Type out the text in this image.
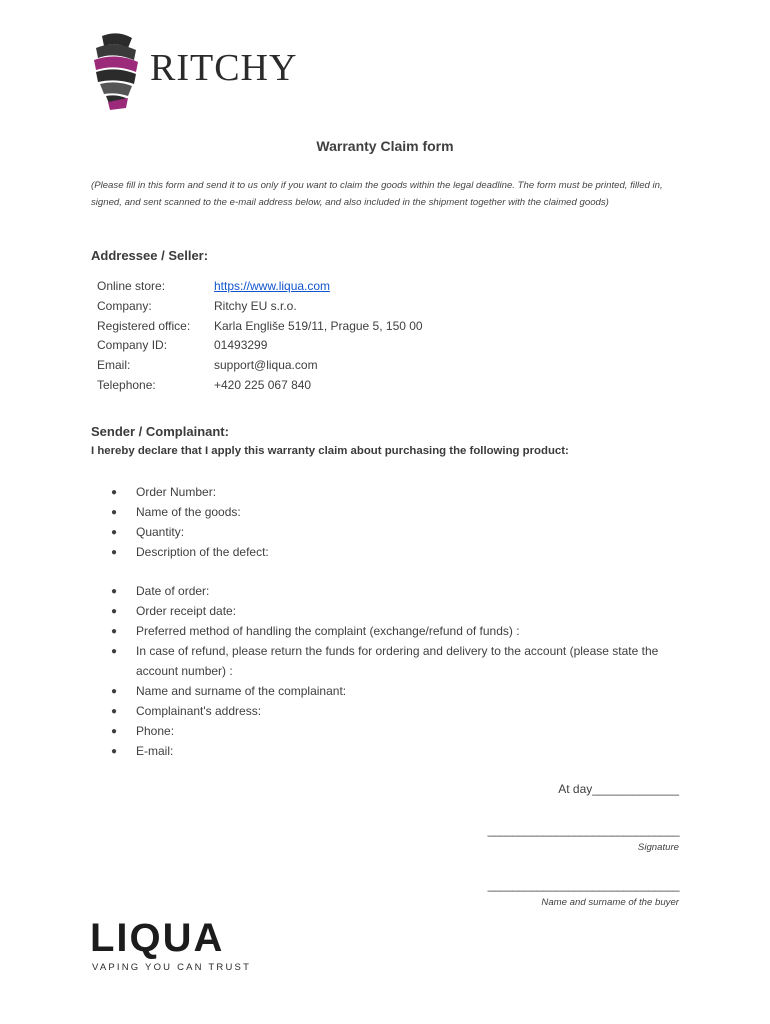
RITCHY
Warranty Claim form
(Please fill in this form and send it to us only if you want to claim the goods within the legal deadline. The form must be printed, filled in, signed, and sent scanned to the e-mail address below, and also included in the shipment together with the claimed goods)
Addressee / Seller:
Online store:	https://www.liqua.com
Company:	Ritchy EU s.r.o.
Registered office:	Karla Engliše 519/11, Prague 5, 150 00
Company ID:	01493299
Email:	support@liqua.com
Telephone:	+420 225 067 840
Sender / Complainant:
I hereby declare that I apply this warranty claim about purchasing the following product:
● Order Number:
● Name of the goods:
● Quantity:
● Description of the defect:
● Date of order:
● Order receipt date:
● Preferred method of handling the complaint (exchange/refund of funds) :
● In case of refund, please return the funds for ordering and delivery to the account (please state the account number) :
● Name and surname of the complainant:
● Complainant's address:
● Phone:
● E-mail:
At day_____________
_______________________________
Signature
_______________________________
Name and surname of the buyer
LIQUA
VAPING YOU CAN TRUST
